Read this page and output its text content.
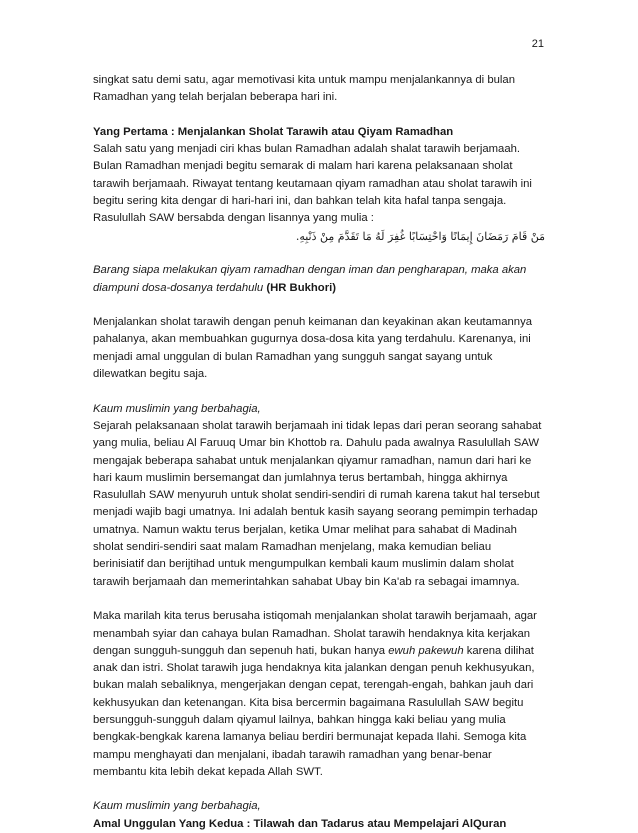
21

singkat satu demi satu, agar memotivasi kita untuk mampu menjalankannya di bulan Ramadhan yang telah berjalan beberapa hari ini.

Yang Pertama : Menjalankan Sholat Tarawih atau Qiyam Ramadhan

Salah satu yang menjadi ciri khas bulan Ramadhan adalah shalat tarawih berjamaah. Bulan Ramadhan menjadi begitu semarak di malam hari karena pelaksanaan sholat tarawih berjamaah. Riwayat tentang keutamaan qiyam ramadhan atau sholat tarawih ini begitu sering kita dengar di hari-hari ini, dan bahkan telah kita hafal tanpa sengaja. Rasulullah SAW bersabda dengan lisannya yang mulia :

مَنْ قَامَ رَمَضَانَ إِيمَانًا وَاحْتِسَابًا غُفِرَ لَهُ مَا تَقَدَّمَ مِنْ ذَنْبِهِ.

Barang siapa melakukan qiyam ramadhan dengan iman dan pengharapan, maka akan diampuni dosa-dosanya terdahulu (HR Bukhori)

Menjalankan sholat tarawih dengan penuh keimanan dan keyakinan akan keutamannya pahalanya, akan membuahkan gugurnya dosa-dosa kita yang terdahulu. Karenanya, ini menjadi amal unggulan di bulan Ramadhan yang sungguh sangat sayang untuk dilewatkan begitu saja.

Kaum muslimin yang berbahagia,

Sejarah pelaksanaan sholat tarawih berjamaah ini tidak lepas dari peran seorang sahabat yang mulia, beliau Al Faruuq Umar bin Khottob ra. Dahulu pada awalnya Rasulullah SAW mengajak beberapa sahabat untuk menjalankan qiyamur ramadhan, namun dari hari ke hari kaum muslimin bersemangat dan jumlahnya terus bertambah, hingga akhirnya Rasulullah SAW menyuruh untuk sholat sendiri-sendiri di rumah karena takut hal tersebut menjadi wajib bagi umatnya. Ini adalah bentuk kasih sayang seorang pemimpin terhadap umatnya. Namun waktu terus berjalan, ketika Umar melihat para sahabat di Madinah sholat sendiri-sendiri saat malam Ramadhan menjelang, maka kemudian beliau berinisiatif dan berijtihad untuk mengumpulkan kembali kaum muslimin dalam sholat tarawih berjamaah dan memerintahkan sahabat Ubay bin Ka'ab ra sebagai imamnya.

Maka marilah kita terus berusaha istiqomah menjalankan sholat tarawih berjamaah, agar menambah syiar dan cahaya bulan Ramadhan. Sholat tarawih hendaknya kita kerjakan dengan sungguh-sungguh dan sepenuh hati, bukan hanya ewuh pakewuh karena dilihat anak dan istri. Sholat tarawih juga hendaknya kita jalankan dengan penuh kekhusyukan, bukan malah sebaliknya, mengerjakan dengan cepat, terengah-engah, bahkan jauh dari kekhusyukan dan ketenangan. Kita bisa bercermin bagaimana Rasulullah SAW begitu bersungguh-sungguh dalam qiyamul lailnya, bahkan hingga kaki beliau yang mulia bengkak-bengkak karena lamanya beliau berdiri bermunajat kepada Ilahi. Semoga kita mampu menghayati dan menjalani, ibadah tarawih ramadhan yang benar-benar membantu kita lebih dekat kepada Allah SWT.

Kaum muslimin yang berbahagia,

Amal Unggulan Yang Kedua : Tilawah dan Tadarus atau Mempelajari AlQuran
